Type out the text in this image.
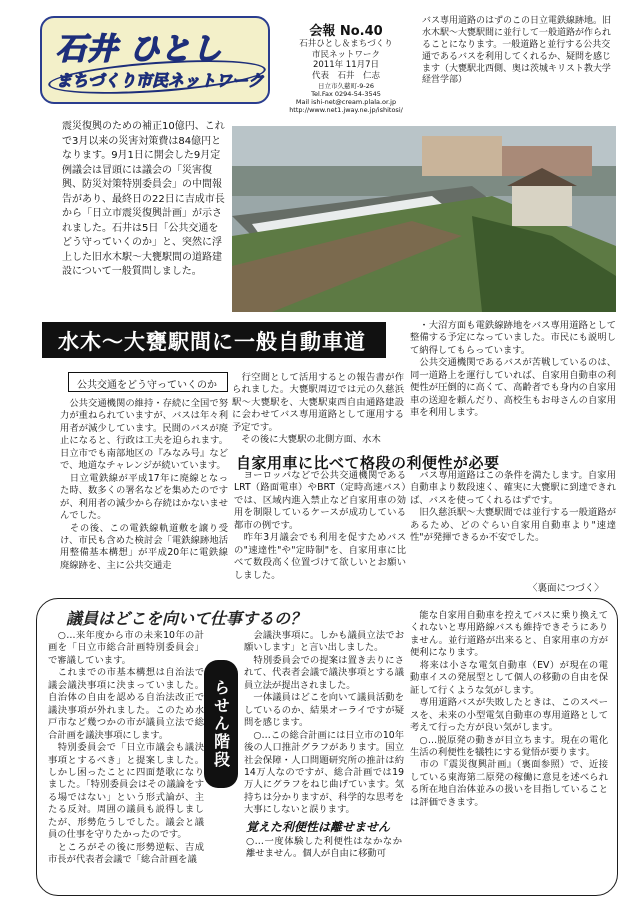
石井 ひとし
まちづくり市民ネットワーク
会報 No.40
石井ひとし＆まちづくり
市民ネットワーク
2011年 11月7日
代表　石井　仁志
日立市久慈町-9-26
Tel.Fax 0294-54-3545
Mail ishi-net@cream.plala.or.jp
http://www.net1.jway.ne.jp/ishitosi/
バス専用道路のはずのこの日立電鉄線跡地。旧水木駅～大甕駅間に並行して一般道路が作られることになります。一般道路と並行する公共交通であるバスを利用してくれるか、疑問を感じます（大甕駅北西側、奥は茨城キリスト教大学経営学部）
震災復興のための補正10億円、これで3月以来の災害対策費は84億円となります。9月1日に開会した9月定例議会は冒頭には議会の「災害復興、防災対策特別委員会」の中間報告があり、最終日の22日に吉成市長から「日立市震災復興計画」が示されました。石井は5日「公共交通をどう守っていくのか」と、突然に浮上した旧水木駅～大甕駅間の道路建設について一般質問しました。
水木～大甕駅間に一般自動車道路
公共交通をどう守っていくのか
　公共交通機関の維持・存続に全国で努力が重ねられていますが、バスは年々利用者が減少しています。民間のバスが廃止になると、行政は工夫を迫られます。日立市でも南部地区の『みなみ号』などで、地道なチャレンジが続いています。
　日立電鉄線が平成17年に廃線となった時、数多くの署名などを集めたのですが、利用者の減少から存続はかないませんでした。
　その後、この電鉄線軌道敷を譲り受け、市民も含めた検討会「電鉄線跡地活用整備基本構想」が平成20年に電鉄線廃線跡を、主に公共交通走
　行空間として活用するとの報告書が作られました。大甕駅周辺では元の久慈浜駅～大甕駅を、大甕駅東西自由通路建設に会わせてバス専用道路として運用する予定です。
　その後に大甕駅の北側方面、水木
自家用車に比べて格段の利便性が必要
　ヨーロッパなどで公共交通機関であるLRT（路面電車）やBRT（定時高速バス）では、区域内進入禁止など自家用車の効用を制限しているケースが成功している都市の例です。
　昨年3月議会でも利用を促すためバスの"速達性"や"定時制"を、自家用車に比べて数段高く位置づけて欲しいとお願いしました。
　・大沼方面も電鉄線跡地をバス専用道路として整備する予定になっていました。市民にも説明して納得してもらっています。
　公共交通機関であるバスが苦戦しているのは、同一道路上を運行していれば、自家用自動車の利便性が圧倒的に高くて、高齢者でも身内の自家用車の送迎を頼んだり、高校生もお母さんの自家用車を利用します。
　バス専用道路はこの条件を満たします。自家用自動車より数段速く、確実に大甕駅に到達できれば、バスを使ってくれるはずです。
　旧久慈浜駅～大甕駅間では並行する一般道路があるため、どのぐらい自家用自動車より"速達性"が発揮できるか不安でした。
〈裏面につづく〉
議員はどこを向いて仕事するの？
　○…来年度から市の未来10年の計画を「日立市総合計画特別委員会」で審議しています。
　これまでの市基本構想は自治法で議会議決事項に決まっていました。自治体の自由を認める自治法改正で議決事項が外れました。このため水戸市など幾つかの市が議員立法で総合計画を議決事項にします。
　特別委員会で「日立市議会も議決事項とするべき」と提案しました。しかし困ったことに四面楚歌になりました。「特別委員会はその議論をする場ではない」という形式論が、主たる反対。周囲の議員も説得しましたが、形勢危うしでした。議会と議員の仕事を守りたかったのです。
　ところがその後に形勢逆転、吉成市長が代表者会議で「総合計画を議
らせん階段
　会議決事項に。しかも議員立法でお願いします」と言い出しました。
　特別委員会での提案は置き去りにされて、代表者会議で議決事項とする議員立法が提出されました。
　一体議員はどこを向いて議員活動をしているのか、結果オーライですが疑問を感じます。
　○…この総合計画には日立市の10年後の人口推計グラフがあります。国立社会保障・人口問題研究所の推計は約14万人なのですが、総合計画では19万人にグラフをねじ曲げています。気持ちは分かりますが、科学的な思考を大事にしないと誤ります。
覚えた利便性は離せません
○…一度体験した利便性はなかなか離せません。個人が自由に移動可
　能な自家用自動車を控えてバスに乗り換えてくれないと専用路線バスも維持できそうにありません。並行道路が出来ると、自家用車の方が便利になります。
　将来は小さな電気自動車（EV）が現在の電動車イスの発展型として個人の移動の自由を保証して行くような気がします。
　専用道路バスが失敗したときは、このスペースを、未来の小型電気自動車の専用道路として考えて行った方が良い気がします。
　○…脱原発の動きが目立ちます。現在の電化生活の利便性を犠牲にする覚悟が要ります。
　市の『震災復興計画』（裏面参照）で、近接している東海第二原発の稼働に意見を述べられる所在地自治体並みの扱いを目指していることは評価できます。
